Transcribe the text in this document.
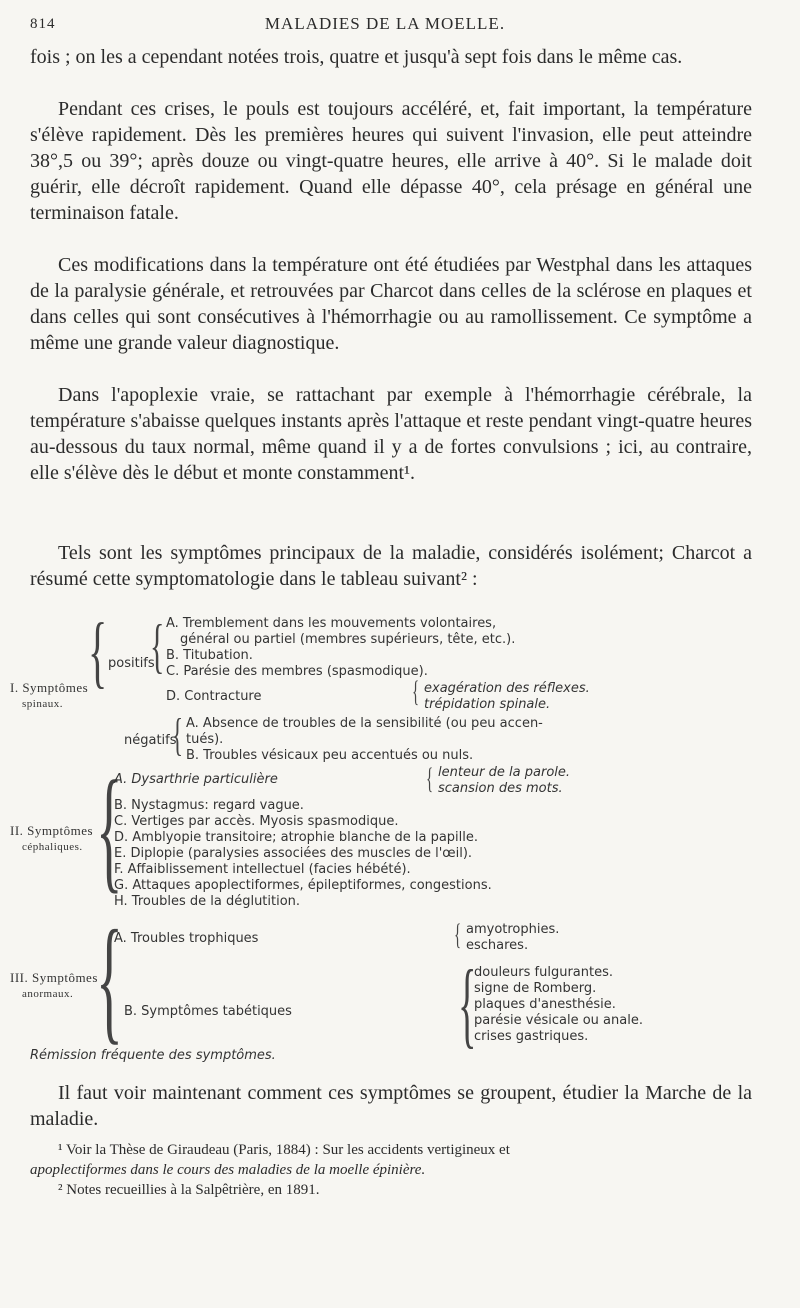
814	MALADIES DE LA MOELLE.

fois ; on les a cependant notées trois, quatre et jusqu'à sept fois dans le même cas.

Pendant ces crises, le pouls est toujours accéléré, et, fait important, la température s'élève rapidement. Dès les premières heures qui suivent l'invasion, elle peut atteindre 38°,5 ou 39°; après douze ou vingt-quatre heures, elle arrive à 40°. Si le malade doit guérir, elle décroît rapidement. Quand elle dépasse 40°, cela présage en général une terminaison fatale.

Ces modifications dans la température ont été étudiées par Westphal dans les attaques de la paralysie générale, et retrouvées par Charcot dans celles de la sclérose en plaques et dans celles qui sont consécutives à l'hémorrhagie ou au ramollissement. Ce symptôme a même une grande valeur diagnostique.

Dans l'apoplexie vraie, se rattachant par exemple à l'hémorrhagie cérébrale, la température s'abaisse quelques instants après l'attaque et reste pendant vingt-quatre heures au-dessous du taux normal, même quand il y a de fortes convulsions ; ici, au contraire, elle s'élève dès le début et monte constamment¹.

Tels sont les symptômes principaux de la maladie, considérés isolément; Charcot a résumé cette symptomatologie dans le tableau suivant² :

I. Symptômes
spinaux.
{ positifs
{ A. Tremblement dans les mouvements volontaires,
général ou partiel (membres supérieurs, tête, etc.).
B. Titubation.
C. Parésie des membres (spasmodique).
D. Contracture	{ exagération des réflexes.
trépidation spinale.
négatifs
{ A. Absence de troubles de la sensibilité (ou peu accen-
tués).
B. Troubles vésicaux peu accentués ou nuls.
II. Symptômes
céphaliques. {
A. Dysarthrie particulière	{ lenteur de la parole.
scansion des mots.
B. Nystagmus: regard vague.
C. Vertiges par accès. Myosis spasmodique.
D. Amblyopie transitoire; atrophie blanche de la papille.
E. Diplopie (paralysies associées des muscles de l'œil).
F. Affaiblissement intellectuel (facies hébété).
G. Attaques apoplectiformes, épileptiformes, congestions.
H. Troubles de la déglutition.
III. Symptômes
anormaux. {
A. Troubles trophiques	{ amyotrophies.
eschares.
B. Symptômes tabétiques {
douleurs fulgurantes.
signe de Romberg.
plaques d'anesthésie.
parésie vésicale ou anale.
crises gastriques.
Rémission fréquente des symptômes.

Il faut voir maintenant comment ces symptômes se groupent, étudier la Marche de la maladie.

¹ Voir la Thèse de Giraudeau (Paris, 1884) : Sur les accidents vertigineux et

apoplectiformes dans le cours des maladies de la moelle épinière.

² Notes recueillies à la Salpêtrière, en 1891.
